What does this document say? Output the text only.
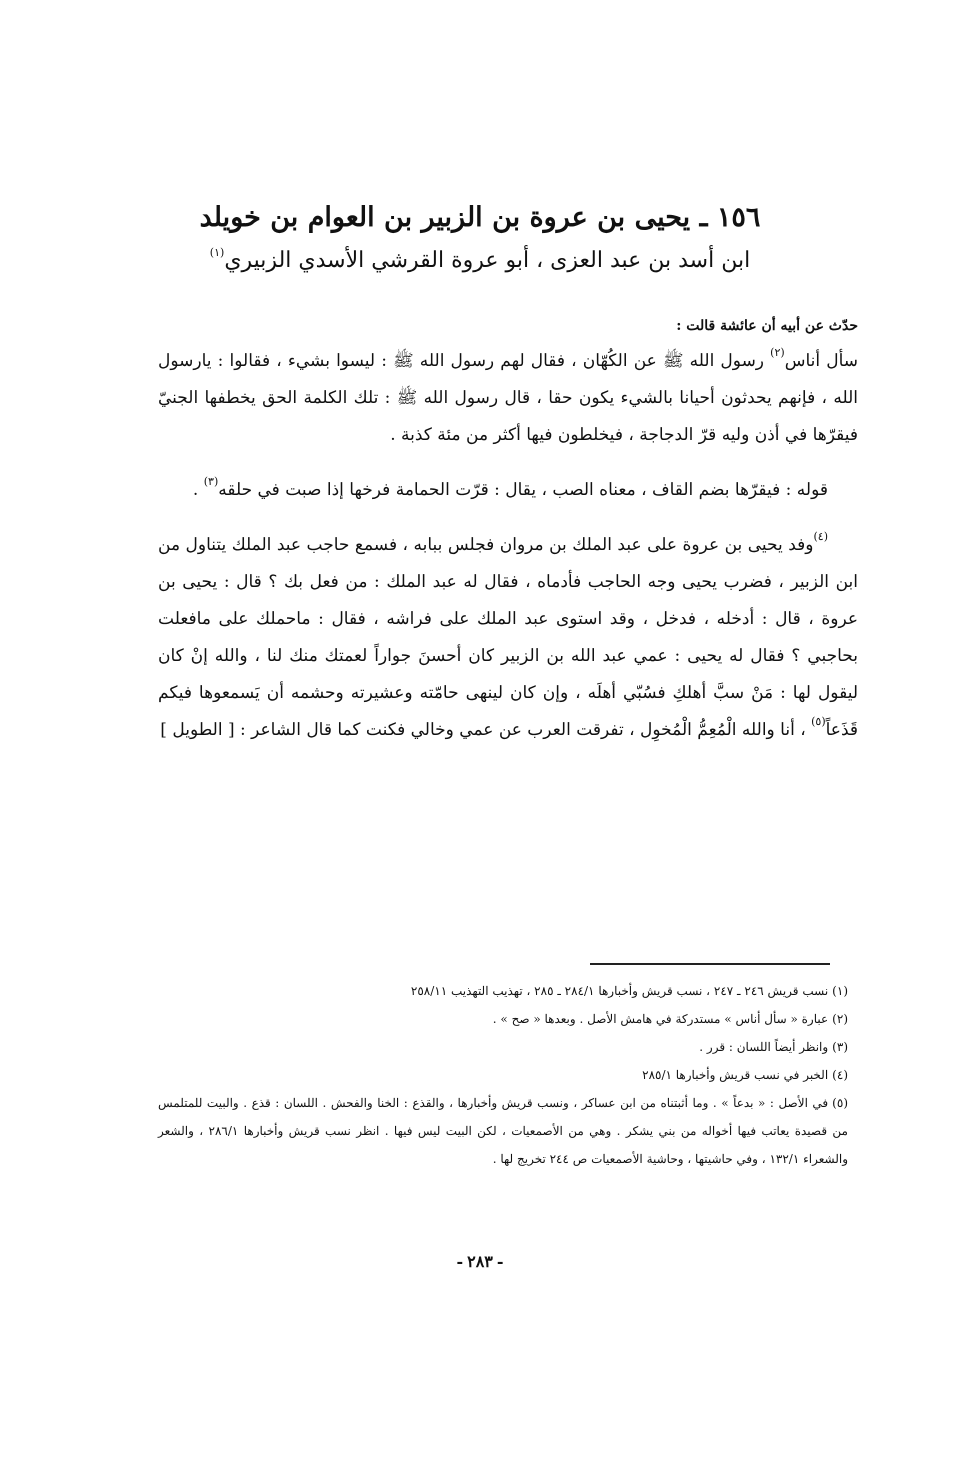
١٥٦ ـ يحيى بن عروة بن الزبير بن العوام بن خويلد
ابن أسد بن عبد العزى ، أبو عروة القرشي الأسدي الزبيري$^{(١)}$

حدّث عن أبيه أن عائشة قالت :

سأل أناس$^{(٢)}$ رسول الله ﷺ عن الكُهّان ، فقال لهم رسول الله ﷺ : ليسوا بشيء ، فقالوا : يارسول الله ، فإنهم يحدثون أحيانا بالشيء يكون حقا ، قال رسول الله ﷺ : تلك الكلمة الحق يخطفها الجنيّ فيقرّها في أذن وليه قرّ الدجاجة ، فيخلطون فيها أكثر من مئة كذبة .

قوله : فيقرّها بضم القاف ، معناه الصب ، يقال : قرّت الحمامة فرخها إذا صبت في حلقه$^{(٣)}$ .

$^{(٤)}$وفد يحيى بن عروة على عبد الملك بن مروان فجلس ببابه ، فسمع حاجب عبد الملك يتناول من ابن الزبير ، فضرب يحيى وجه الحاجب فأدماه ، فقال له عبد الملك : من فعل بك ؟ قال : يحيى بن عروة ، قال : أدخله ، فدخل ، وقد استوى عبد الملك على فراشه ، فقال : ماحملك على مافعلت بحاجبي ؟ فقال له يحيى : عمي عبد الله بن الزبير كان أحسنَ جواراً لعمتك منك لنا ، والله إنْ كان ليقول لها : مَنْ سبَّ أهلكِ فسُبّي أهلَه ، وإن كان لينهى حامّته وعشيرته وحشمه أن يَسمعوها فيكم قَذَعاً$^{(٥)}$ ، أنا والله الْمُعِمُّ الْمُخوِل ، تفرقت العرب عن عمي وخالي فكنت كما قال الشاعر : [ الطويل ]

(١)نسب قريش ٢٤٦ ـ ٢٤٧ ، نسب قريش وأخبارها ٢٨٤/١ ـ ٢٨٥ ، تهذيب التهذيب ٢٥٨/١١

(٢)عبارة « سأل أناس » مستدركة في هامش الأصل . وبعدها « صح » .

(٣)وانظر أيضاً اللسان : قرر .

(٤)الخبر في نسب قريش وأخبارها ٢٨٥/١

(٥)في الأصل : « بدعاً » . وما أثبتناه من ابن عساكر ، ونسب قريش وأخبارها ، والقذع : الخنا والفحش . اللسان : قذع . والبيت للمتلمس من قصيدة يعاتب فيها أخواله من بني يشكر . وهي من الأصمعيات ، لكن البيت ليس فيها . انظر نسب قريش وأخبارها ٢٨٦/١ ، والشعر والشعراء ١٣٢/١ ، وفي حاشيتها ، وحاشية الأصمعيات ص ٢٤٤ تخريج لها .

-٢٨٣-
